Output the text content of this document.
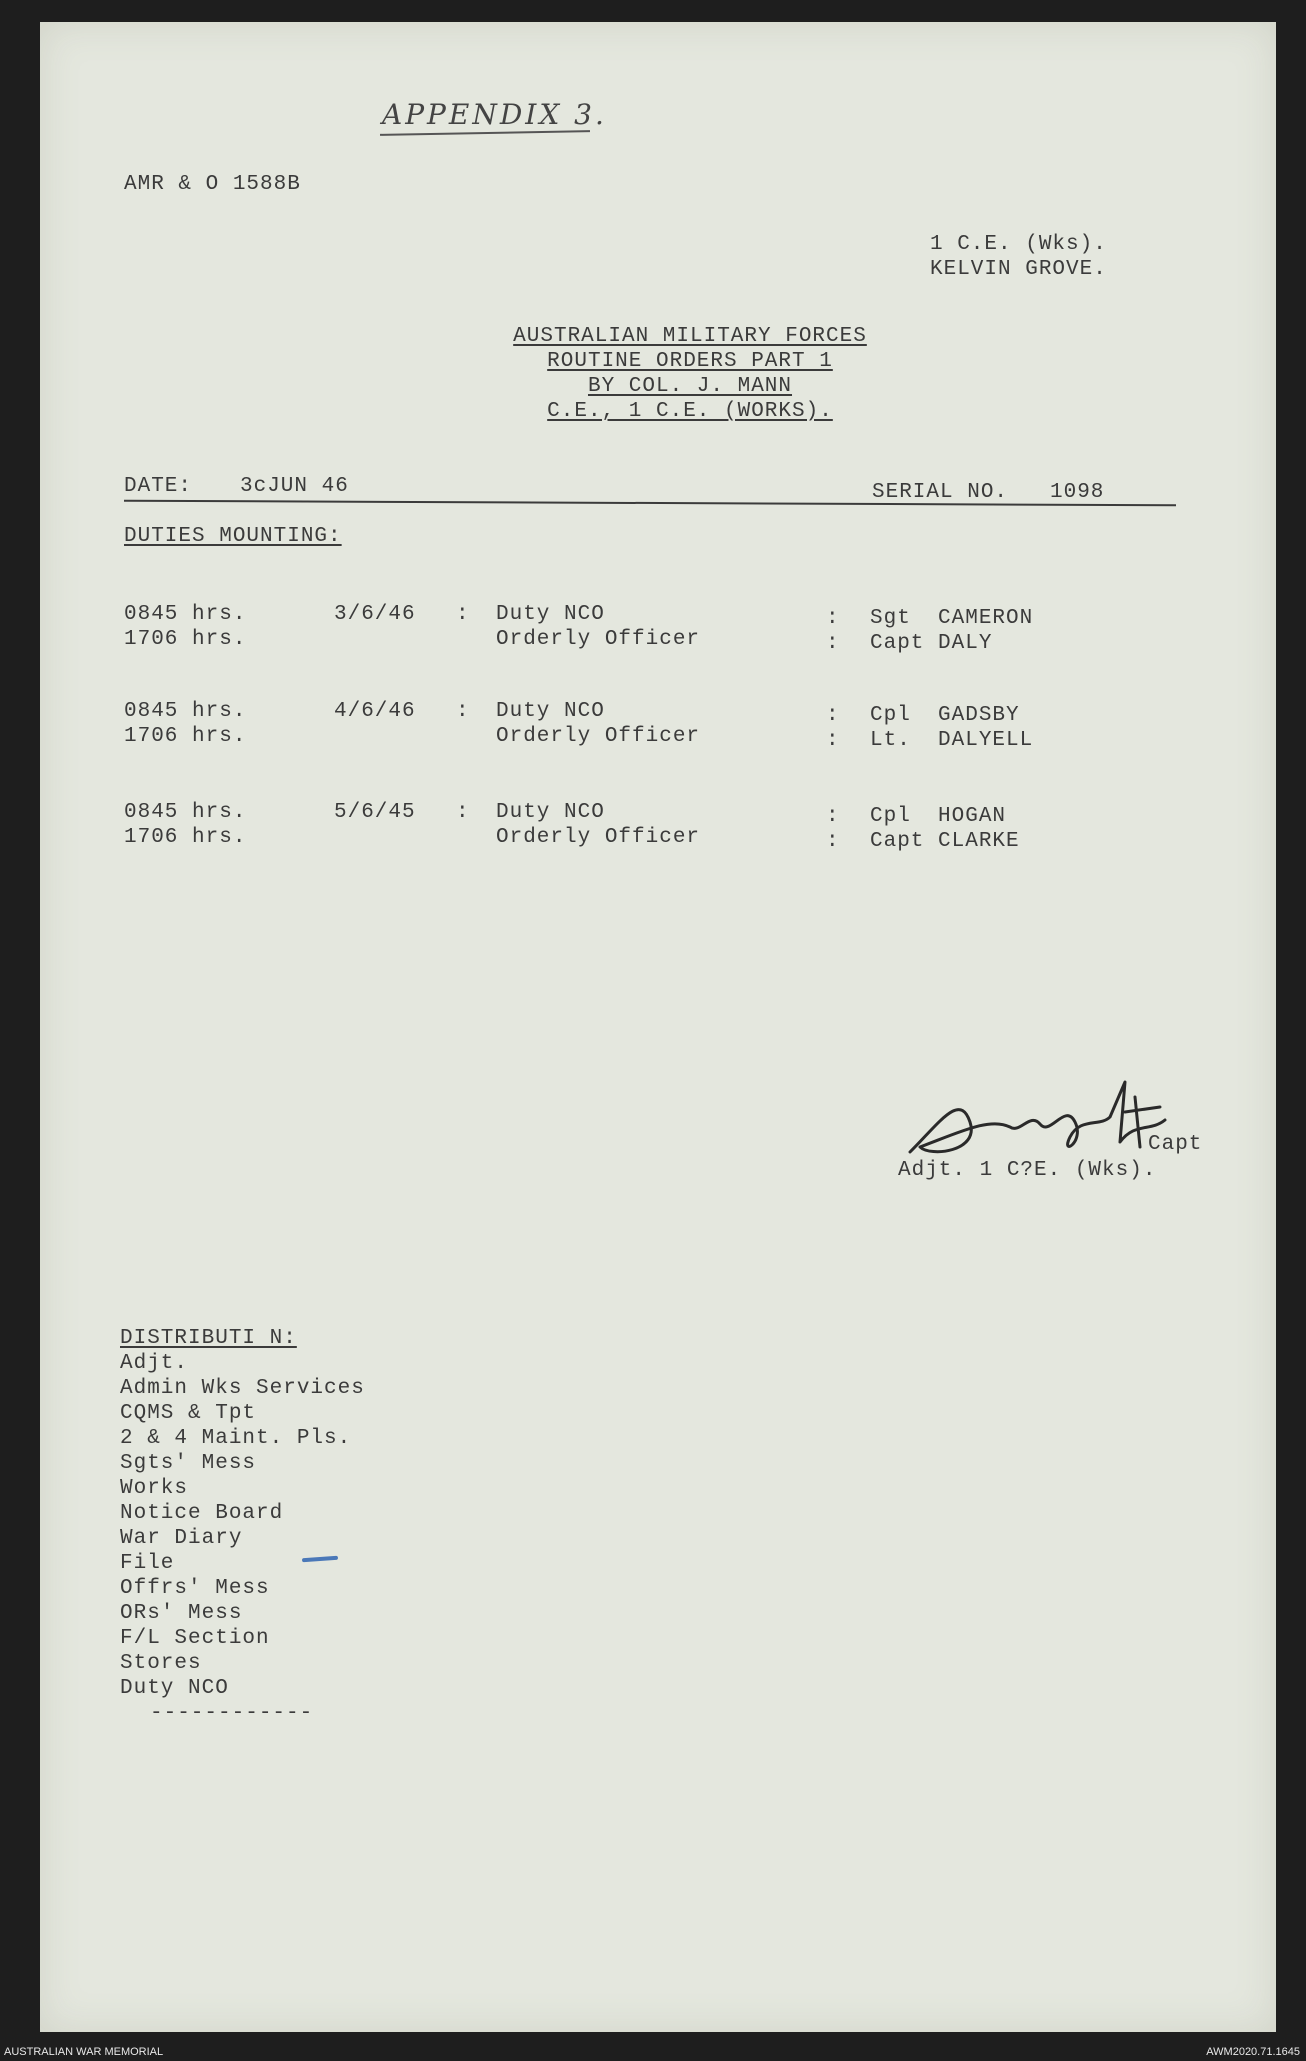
APPENDIX 3.
AMR & O 1588B
1 C.E. (Wks).
KELVIN GROVE.
AUSTRALIAN MILITARY FORCES
ROUTINE ORDERS PART 1
BY COL. J. MANN
C.E., 1 C.E. (WORKS).
DATE: 3cJUN 46	SERIAL NO. 1098
DUTIES MOUNTING:
0845 hrs.
1706 hrs.
3/6/46 : Duty NCO
Orderly Officer
:
:
Sgt  CAMERON
Capt DALY
0845 hrs.
1706 hrs.
4/6/46 : Duty NCO
Orderly Officer
:
:
Cpl  GADSBY
Lt.  DALYELL
0845 hrs.
1706 hrs.
5/6/45 : Duty NCO
Orderly Officer
:
:
Cpl  HOGAN
Capt CLARKE
Capt
Adjt. 1 C?E. (Wks).
DISTRIBUTI N:
Adjt.
Admin Wks Services
CQMS & Tpt
2 & 4 Maint. Pls.
Sgts' Mess
Works
Notice Board
War Diary
File
Offrs' Mess
ORs' Mess
F/L Section
Stores
Duty NCO
------------
AUSTRALIAN WAR MEMORIAL	AWM2020.71.1645
